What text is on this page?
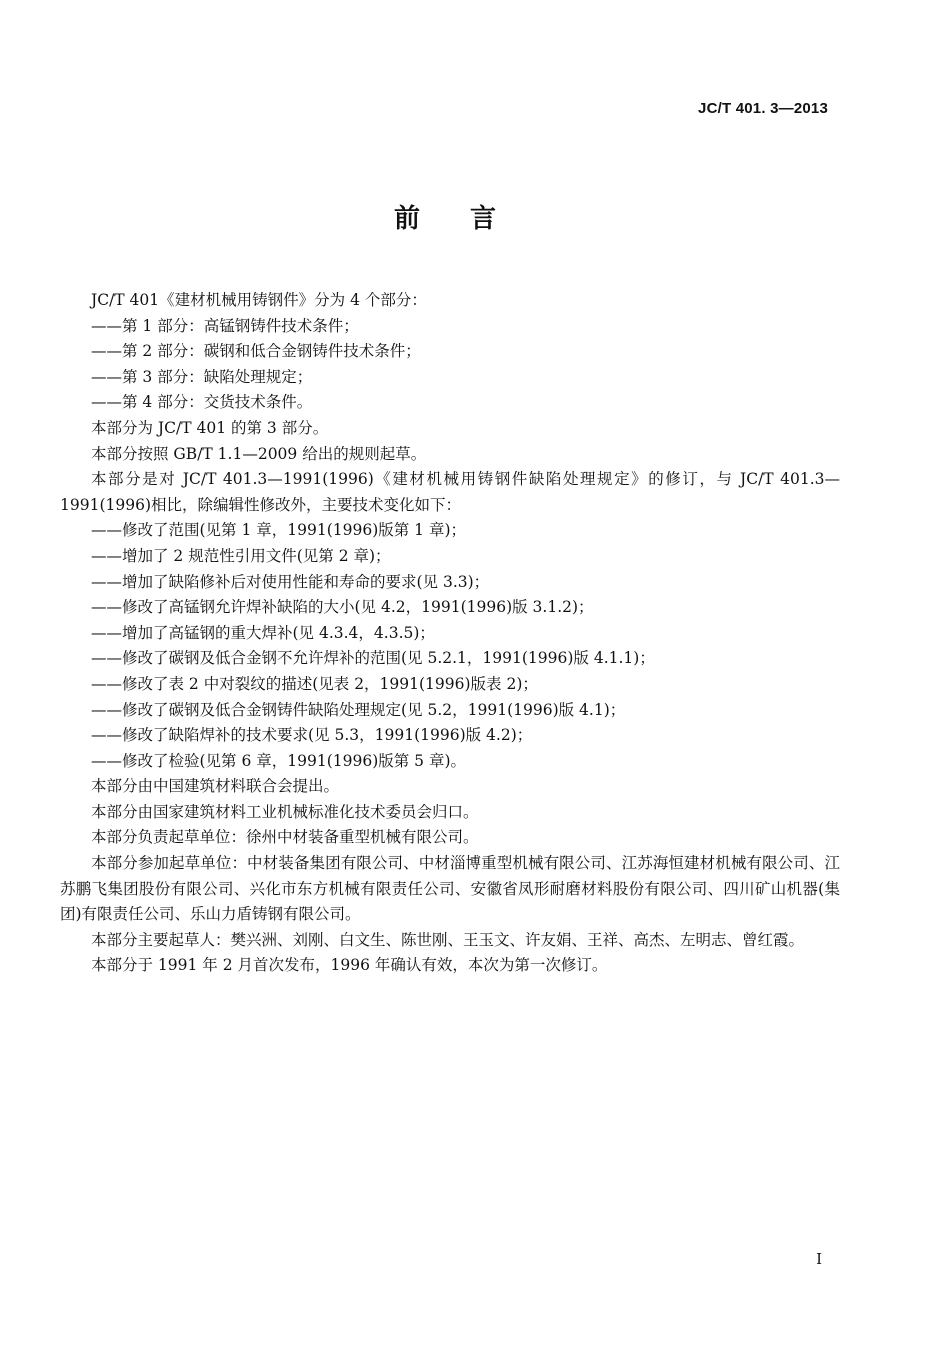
JC/T 401. 3—2013
前言

JC/T 401《建材机械用铸钢件》分为 4 个部分：

——第 1 部分：高锰钢铸件技术条件；

——第 2 部分：碳钢和低合金钢铸件技术条件；

——第 3 部分：缺陷处理规定；

——第 4 部分：交货技术条件。

本部分为 JC/T 401 的第 3 部分。

本部分按照 GB/T 1.1—2009 给出的规则起草。

本部分是对 JC/T 401.3—1991(1996)《建材机械用铸钢件缺陷处理规定》的修订，与 JC/T 401.3—1991(1996)相比，除编辑性修改外，主要技术变化如下：

——修改了范围(见第 1 章，1991(1996)版第 1 章)；

——增加了 2 规范性引用文件(见第 2 章)；

——增加了缺陷修补后对使用性能和寿命的要求(见 3.3)；

——修改了高锰钢允许焊补缺陷的大小(见 4.2，1991(1996)版 3.1.2)；

——增加了高锰钢的重大焊补(见 4.3.4，4.3.5)；

——修改了碳钢及低合金钢不允许焊补的范围(见 5.2.1，1991(1996)版 4.1.1)；

——修改了表 2 中对裂纹的描述(见表 2，1991(1996)版表 2)；

——修改了碳钢及低合金钢铸件缺陷处理规定(见 5.2，1991(1996)版 4.1)；

——修改了缺陷焊补的技术要求(见 5.3，1991(1996)版 4.2)；

——修改了检验(见第 6 章，1991(1996)版第 5 章)。

本部分由中国建筑材料联合会提出。

本部分由国家建筑材料工业机械标准化技术委员会归口。

本部分负责起草单位：徐州中材装备重型机械有限公司。

本部分参加起草单位：中材装备集团有限公司、中材淄博重型机械有限公司、江苏海恒建材机械有限公司、江苏鹏飞集团股份有限公司、兴化市东方机械有限责任公司、安徽省凤形耐磨材料股份有限公司、四川矿山机器(集团)有限责任公司、乐山力盾铸钢有限公司。

本部分主要起草人：樊兴洲、刘刚、白文生、陈世刚、王玉文、许友娟、王祥、高杰、左明志、曾红霞。

本部分于 1991 年 2 月首次发布，1996 年确认有效，本次为第一次修订。

I
